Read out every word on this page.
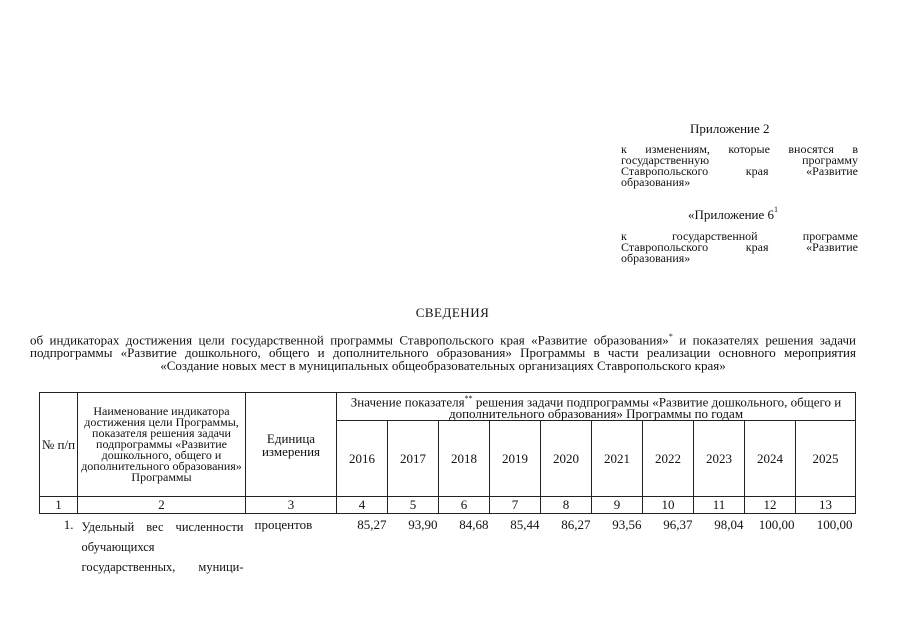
Приложение 2
к изменениям, которые вносятся в государственную программу Ставропольского края «Развитие образования»
«Приложение $6^1$
к государственной программе Ставропольского края «Развитие образования»
СВЕДЕНИЯ
об индикаторах достижения цели государственной программы Ставропольского края «Развитие образования»* и показателях решения задачи подпрограммы «Развитие дошкольного, общего и дополнительного образования» Программы в части реализации основного мероприятия «Создание новых мест в муниципальных общеобразовательных организациях Ставропольского края»
№ п/п	Наименование индикатора достижения цели Программы, показателя решения задачи подпрограммы «Развитие дошкольного, общего и дополнительного образования» Программы	Единица измерения	Значение показателя** решения задачи подпрограммы «Развитие дошкольного, общего и дополнительного образования» Программы по годам									
			2016	2017	2018	2019	2020	2021	2022	2023	2024	2025
1	2	3	4	5	6	7	8	9	10	11	12	13
1.	Удельный вес численности обучающихся государственных, муници-	процентов	85,27	93,90	84,68	85,44	86,27	93,56	96,37	98,04	100,00	100,00
